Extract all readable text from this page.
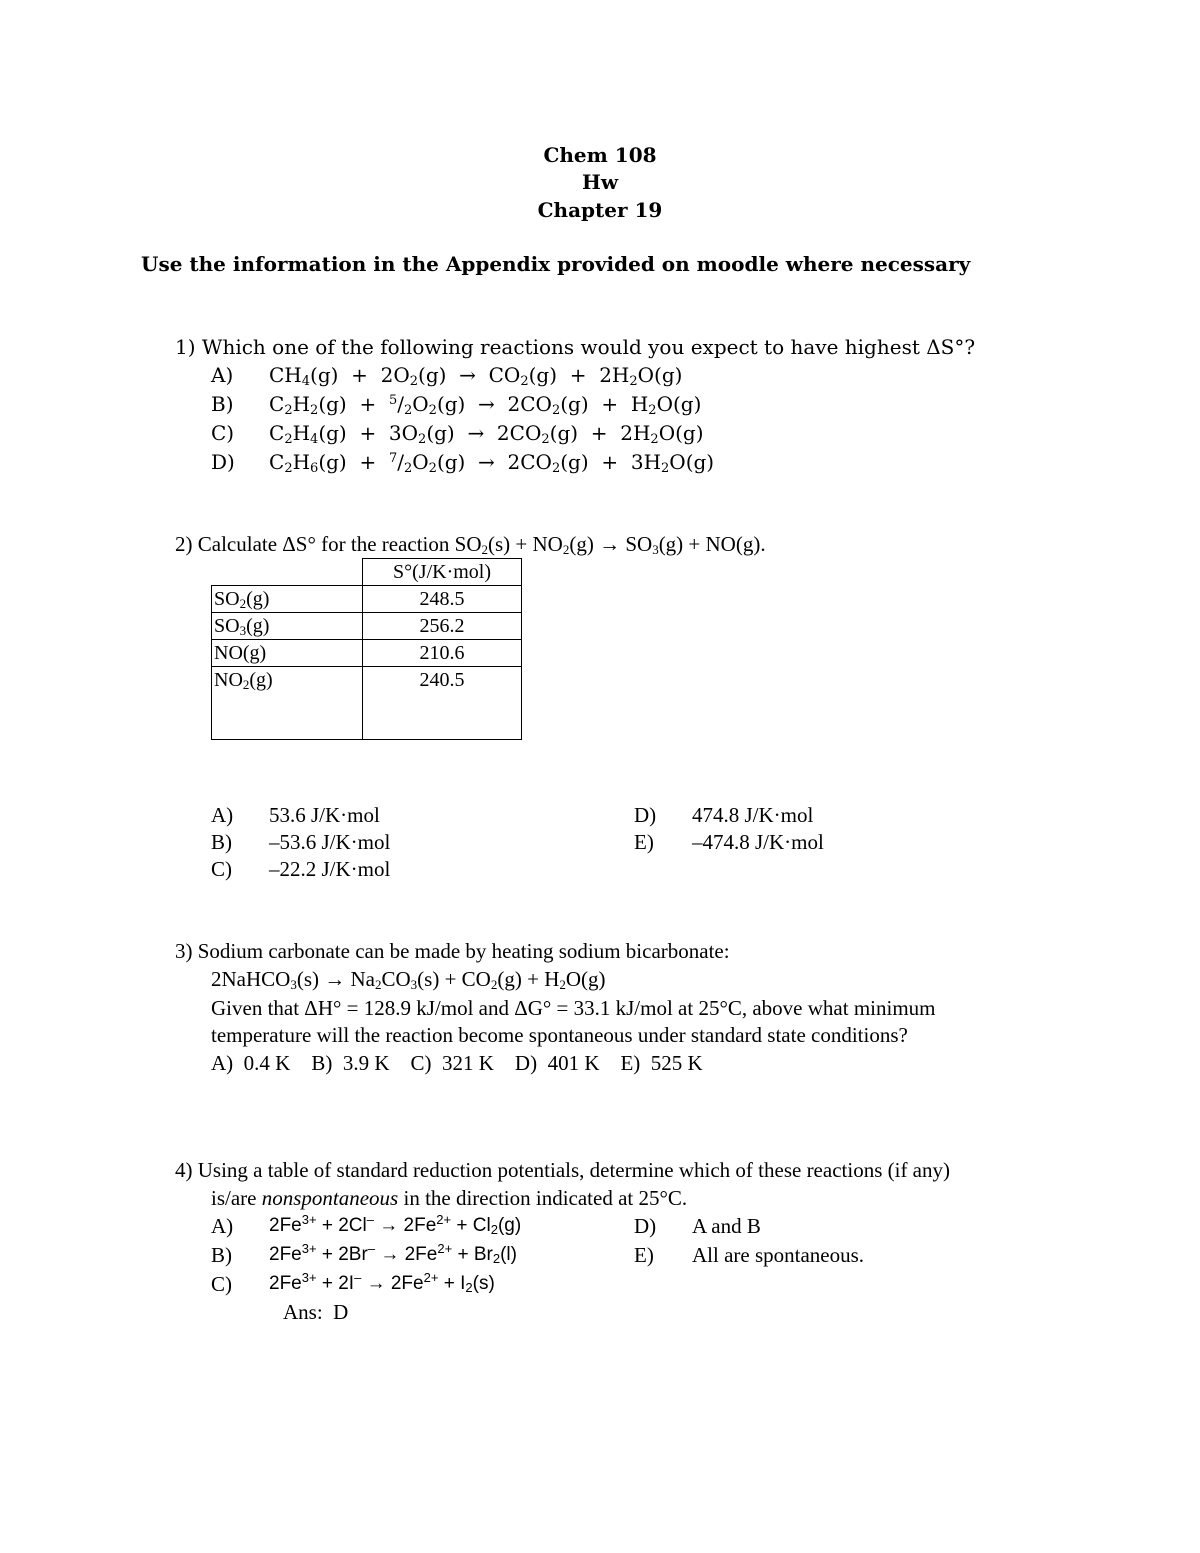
Chem 108
Hw
Chapter 19
Use the information in the Appendix provided on moodle where necessary
1) Which one of the following reactions would you expect to have highest ΔS°?
A) $CH_4(g) + 2O_2(g) \to CO_2(g) + 2H_2O(g)$
B) $C_2H_2(g) + ^5/_2O_2(g) \to 2CO_2(g) + H_2O(g)$
C) $C_2H_4(g) + 3O_2(g) \to 2CO_2(g) + 2H_2O(g)$
D) $C_2H_6(g) + ^7/_2O_2(g) \to 2CO_2(g) + 3H_2O(g)$
2) Calculate ΔS° for the reaction $SO_2(s) + NO_2(g) \to SO_3(g) + NO(g)$.
	S°(J/K·mol)
$SO_2(g)$	248.5
$SO_3(g)$	256.2
NO(g)	210.6
$NO_2(g)$	240.5
A) 53.6 J/K·mol
B) –53.6 J/K·mol
C) –22.2 J/K·mol
D) 474.8 J/K·mol
E) –474.8 J/K·mol
3) Sodium carbonate can be made by heating sodium bicarbonate:
2NaHCO$_3$(s) → $Na_2CO_3(s) + CO_2(g) + H_2O(g)$
Given that ΔH° = 128.9 kJ/mol and ΔG° = 33.1 kJ/mol at 25°C, above what minimum
temperature will the reaction become spontaneous under standard state conditions?
A)  0.4 K    B)  3.9 K    C)  321 K    D)  401 K    E)  525 K
4) Using a table of standard reduction potentials, determine which of these reactions (if any)
is/are nonspontaneous in the direction indicated at 25°C.
A) $2Fe^{3+} + 2Cl^- \to 2Fe^{2+} + Cl_2(g)$
B) $2Fe^{3+} + 2Br^- \to 2Fe^{2+} + Br_2(l)$
C) $2Fe^{3+} + 2I^- \to 2Fe^{2+} + I_2(s)$
D) A and B
E) All are spontaneous.
Ans:  D
